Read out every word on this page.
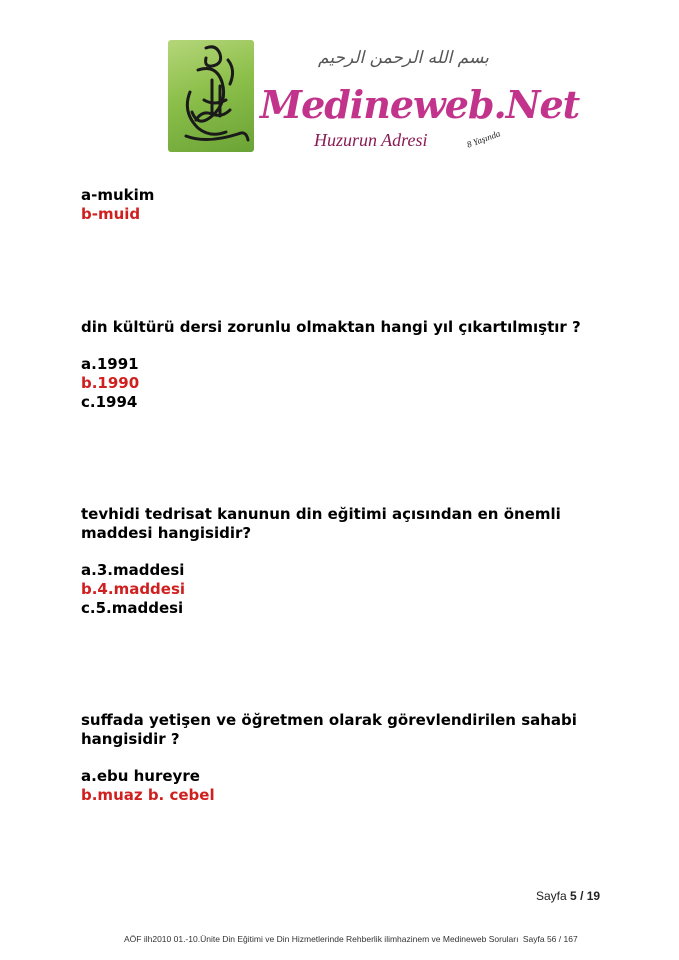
بسم الله الرحمن الرحيم
Medineweb.Net
Huzurun Adresi	8 Yaşında
a-mukim
b-muid
din kültürü dersi zorunlu olmaktan hangi yıl çıkartılmıştır ?
a.1991
b.1990
c.1994
tevhidi tedrisat kanunun din eğitimi açısından en önemli
maddesi hangisidir?
a.3.maddesi
b.4.maddesi
c.5.maddesi
suffada yetişen ve öğretmen olarak görevlendirilen sahabi
hangisidir ?
a.ebu hureyre
b.muaz b. cebel
Sayfa 5 / 19
AÖF ilh2010 01.-10.Ünite Din Eğitimi ve Din Hizmetlerinde Rehberlik ilimhazinem ve Medineweb Soruları Sayfa 56 / 167
